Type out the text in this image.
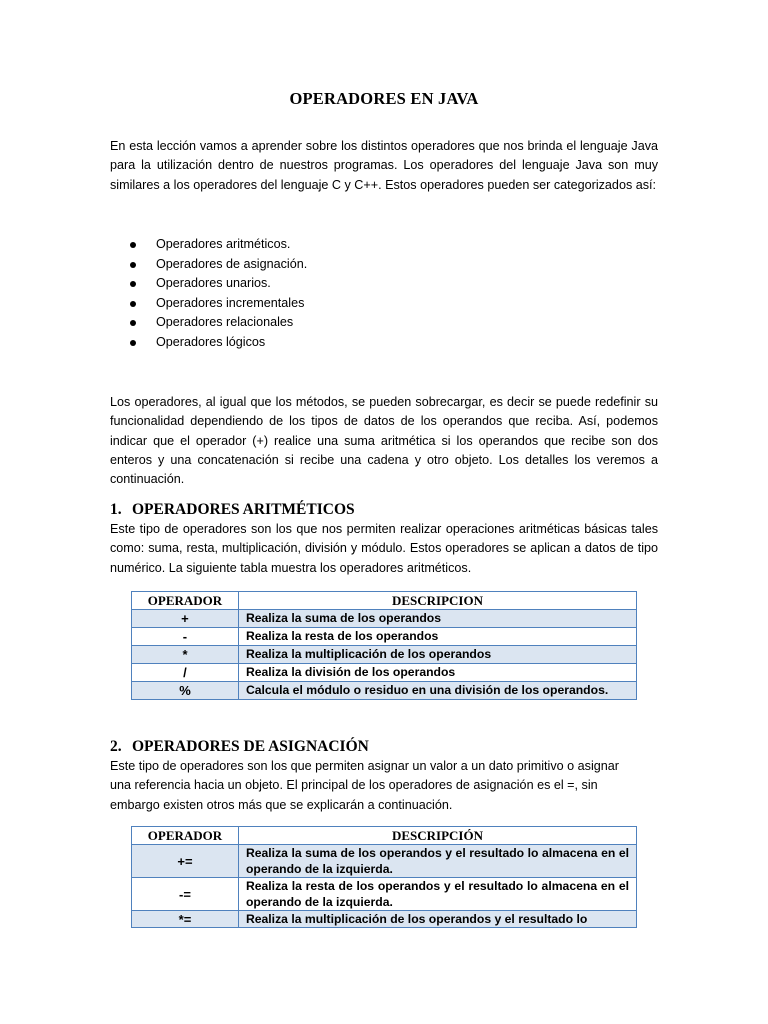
OPERADORES EN JAVA
En esta lección vamos a aprender sobre los distintos operadores que nos brinda el lenguaje Java para la utilización dentro de nuestros programas. Los operadores del lenguaje Java son muy similares a los operadores del lenguaje C y C++. Estos operadores pueden ser categorizados así:
Operadores aritméticos.
Operadores de asignación.
Operadores unarios.
Operadores incrementales
Operadores relacionales
Operadores lógicos
Los operadores, al igual que los métodos, se pueden sobrecargar, es decir se puede redefinir su funcionalidad dependiendo de los tipos de datos de los operandos que reciba. Así, podemos indicar que el operador (+) realice una suma aritmética si los operandos que recibe son dos enteros y una concatenación si recibe una cadena y otro objeto. Los detalles los veremos a continuación.
1. OPERADORES ARITMÉTICOS
Este tipo de operadores son los que nos permiten realizar operaciones aritméticas básicas tales como: suma, resta, multiplicación, división y módulo. Estos operadores se aplican a datos de tipo numérico. La siguiente tabla muestra los operadores aritméticos.
OPERADOR	DESCRIPCION
+	Realiza la suma de los operandos
-	Realiza la resta de los operandos
*	Realiza la multiplicación de los operandos
/	Realiza la división de los operandos
%	Calcula el módulo o residuo en una división de los operandos.
2. OPERADORES DE ASIGNACIÓN
Este tipo de operadores son los que permiten asignar un valor a un dato primitivo o asignar una referencia hacia un objeto. El principal de los operadores de asignación es el =, sin embargo existen otros más que se explicarán a continuación.
OPERADOR	DESCRIPCIÓN
+=	Realiza la suma de los operandos y el resultado lo almacena en el operando de la izquierda.
-=	Realiza la resta de los operandos y el resultado lo almacena en el operando de la izquierda.
*=	Realiza la multiplicación de los operandos y el resultado lo
